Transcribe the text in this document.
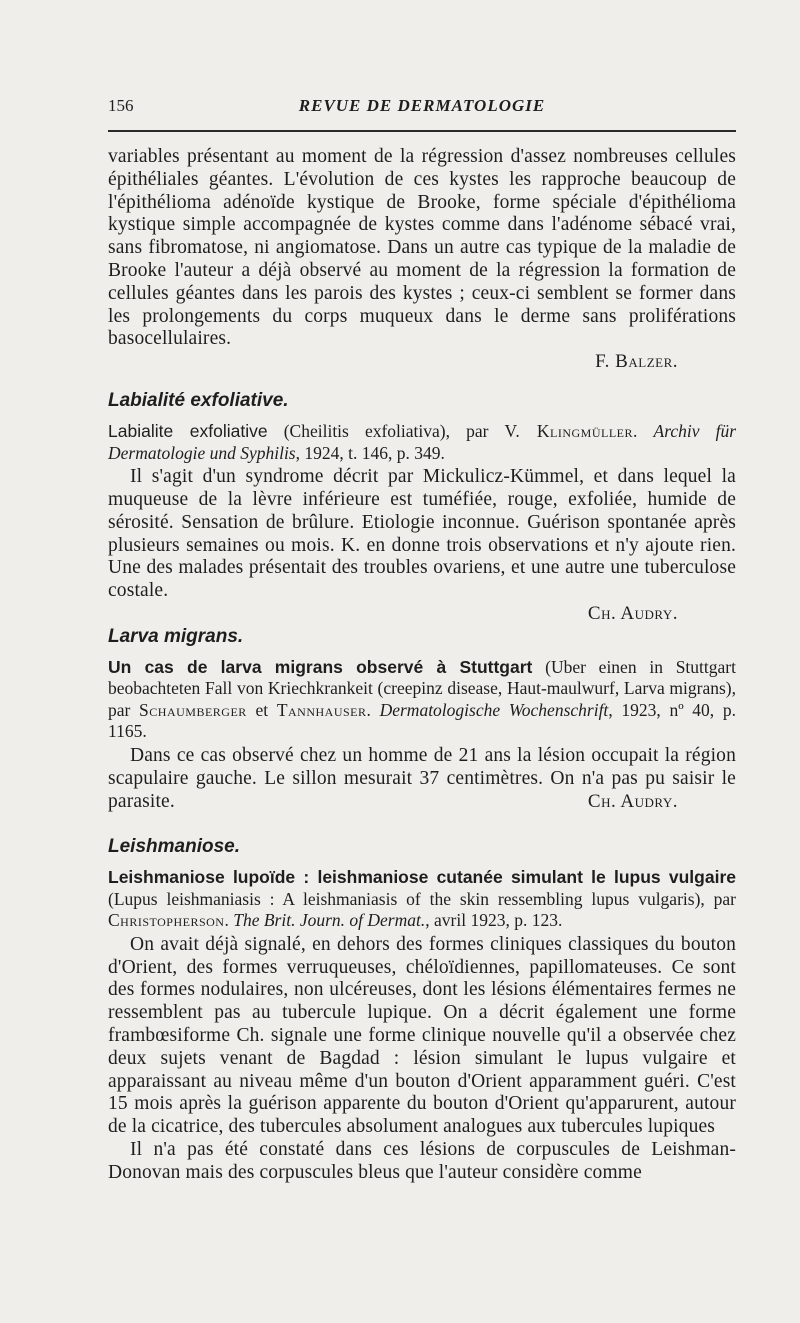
156	REVUE DE DERMATOLOGIE

variables présentant au moment de la régression d'assez nombreuses cellules épithéliales géantes. L'évolution de ces kystes les rapproche beaucoup de l'épithélioma adénoïde kystique de Brooke, forme spéciale d'épithélioma kystique simple accompagnée de kystes comme dans l'adénome sébacé vrai, sans fibromatose, ni angiomatose. Dans un autre cas typique de la maladie de Brooke l'auteur a déjà observé au moment de la régression la formation de cellules géantes dans les parois des kystes ; ceux-ci semblent se former dans les prolongements du corps muqueux dans le derme sans proliférations basocellulaires.

F. Balzer.

Labialité exfoliative.

Labialite exfoliative (Cheilitis exfoliativa), par V. Klingmüller. Archiv für Dermatologie und Syphilis, 1924, t. 146, p. 349.

Il s'agit d'un syndrome décrit par Mickulicz-Kümmel, et dans lequel la muqueuse de la lèvre inférieure est tuméfiée, rouge, exfoliée, humide de sérosité. Sensation de brûlure. Etiologie inconnue. Guérison spontanée après plusieurs semaines ou mois. K. en donne trois observations et n'y ajoute rien. Une des malades présentait des troubles ovariens, et une autre une tuberculose costale.

Ch. Audry.

Larva migrans.

Un cas de larva migrans observé à Stuttgart (Uber einen in Stuttgart beobachteten Fall von Kriechkrankeit (creepinz disease, Haut-maulwurf, Larva migrans), par Schaumberger et Tannhauser. Dermatologische Wochenschrift, 1923, nº 40, p. 1165.

Dans ce cas observé chez un homme de 21 ans la lésion occupait la région scapulaire gauche. Le sillon mesurait 37 centimètres. On n'a pas pu saisir le parasite.	Ch. Audry.

Leishmaniose.

Leishmaniose lupoïde : leishmaniose cutanée simulant le lupus vulgaire (Lupus leishmaniasis : A leishmaniasis of the skin ressembling lupus vulgaris), par Christopherson. The Brit. Journ. of Dermat., avril 1923, p. 123.

On avait déjà signalé, en dehors des formes cliniques classiques du bouton d'Orient, des formes verruqueuses, chéloïdiennes, papillomateuses. Ce sont des formes nodulaires, non ulcéreuses, dont les lésions élémentaires fermes ne ressemblent pas au tubercule lupique. On a décrit également une forme frambœsiforme Ch. signale une forme clinique nouvelle qu'il a observée chez deux sujets venant de Bagdad : lésion simulant le lupus vulgaire et apparaissant au niveau même d'un bouton d'Orient apparamment guéri. C'est 15 mois après la guérison apparente du bouton d'Orient qu'apparurent, autour de la cicatrice, des tubercules absolument analogues aux tubercules lupiques

Il n'a pas été constaté dans ces lésions de corpuscules de Leishman-Donovan mais des corpuscules bleus que l'auteur considère comme
